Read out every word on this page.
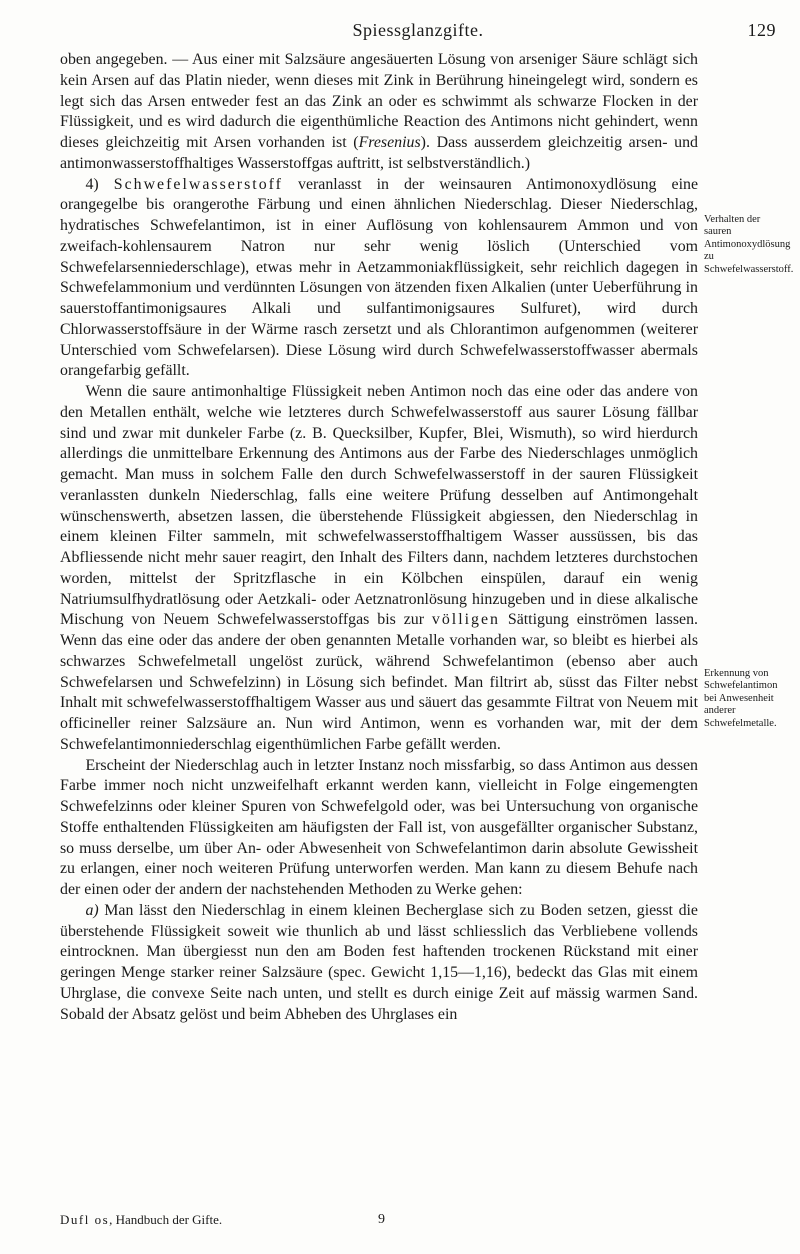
Spiessglanzgifte.	129

oben angegeben. — Aus einer mit Salzsäure angesäuerten Lösung von arseniger Säure schlägt sich kein Arsen auf das Platin nieder, wenn dieses mit Zink in Berührung hineingelegt wird, sondern es legt sich das Arsen entweder fest an das Zink an oder es schwimmt als schwarze Flocken in der Flüssigkeit, und es wird dadurch die eigenthümliche Reaction des Antimons nicht gehindert, wenn dieses gleichzeitig mit Arsen vorhanden ist (Fresenius). Dass ausserdem gleichzeitig arsen- und antimonwasserstoffhaltiges Wasserstoffgas auftritt, ist selbstverständlich.)

4) Schwefelwasserstoff veranlasst in der weinsauren Antimonoxydlösung eine orangegelbe bis orangerothe Färbung und einen ähnlichen Niederschlag. Dieser Niederschlag, hydratisches Schwefelantimon, ist in einer Auflösung von kohlensaurem Ammon und von zweifach-kohlensaurem Natron nur sehr wenig löslich (Unterschied vom Schwefelarsenniederschlage), etwas mehr in Aetzammoniakflüssigkeit, sehr reichlich dagegen in Schwefelammonium und verdünnten Lösungen von ätzenden fixen Alkalien (unter Ueberführung in sauerstoffantimonigsaures Alkali und sulfantimonigsaures Sulfuret), wird durch Chlorwasserstoffsäure in der Wärme rasch zersetzt und als Chlorantimon aufgenommen (weiterer Unterschied vom Schwefelarsen). Diese Lösung wird durch Schwefelwasserstoffwasser abermals orangefarbig gefällt.

Wenn die saure antimonhaltige Flüssigkeit neben Antimon noch das eine oder das andere von den Metallen enthält, welche wie letzteres durch Schwefelwasserstoff aus saurer Lösung fällbar sind und zwar mit dunkeler Farbe (z. B. Quecksilber, Kupfer, Blei, Wismuth), so wird hierdurch allerdings die unmittelbare Erkennung des Antimons aus der Farbe des Niederschlages unmöglich gemacht. Man muss in solchem Falle den durch Schwefelwasserstoff in der sauren Flüssigkeit veranlassten dunkeln Niederschlag, falls eine weitere Prüfung desselben auf Antimongehalt wünschenswerth, absetzen lassen, die überstehende Flüssigkeit abgiessen, den Niederschlag in einem kleinen Filter sammeln, mit schwefelwasserstoffhaltigem Wasser aussüssen, bis das Abfliessende nicht mehr sauer reagirt, den Inhalt des Filters dann, nachdem letzteres durchstochen worden, mittelst der Spritzflasche in ein Kölbchen einspülen, darauf ein wenig Natriumsulfhydratlösung oder Aetzkali- oder Aetznatronlösung hinzugeben und in diese alkalische Mischung von Neuem Schwefelwasserstoffgas bis zur völligen Sättigung einströmen lassen. Wenn das eine oder das andere der oben genannten Metalle vorhanden war, so bleibt es hierbei als schwarzes Schwefelmetall ungelöst zurück, während Schwefelantimon (ebenso aber auch Schwefelarsen und Schwefelzinn) in Lösung sich befindet. Man filtrirt ab, süsst das Filter nebst Inhalt mit schwefelwasserstoffhaltigem Wasser aus und säuert das gesammte Filtrat von Neuem mit officineller reiner Salzsäure an. Nun wird Antimon, wenn es vorhanden war, mit der dem Schwefelantimonniederschlag eigenthümlichen Farbe gefällt werden.

Erscheint der Niederschlag auch in letzter Instanz noch missfarbig, so dass Antimon aus dessen Farbe immer noch nicht unzweifelhaft erkannt werden kann, vielleicht in Folge eingemengten Schwefelzinns oder kleiner Spuren von Schwefelgold oder, was bei Untersuchung von organische Stoffe enthaltenden Flüssigkeiten am häufigsten der Fall ist, von ausgefällter organischer Substanz, so muss derselbe, um über An- oder Abwesenheit von Schwefelantimon darin absolute Gewissheit zu erlangen, einer noch weiteren Prüfung unterworfen werden. Man kann zu diesem Behufe nach der einen oder der andern der nachstehenden Methoden zu Werke gehen:

a) Man lässt den Niederschlag in einem kleinen Becherglase sich zu Boden setzen, giesst die überstehende Flüssigkeit soweit wie thunlich ab und lässt schliesslich das Verbliebene vollends eintrocknen. Man übergiesst nun den am Boden fest haftenden trockenen Rückstand mit einer geringen Menge starker reiner Salzsäure (spec. Gewicht 1,15—1,16), bedeckt das Glas mit einem Uhrglase, die convexe Seite nach unten, und stellt es durch einige Zeit auf mässig warmen Sand. Sobald der Absatz gelöst und beim Abheben des Uhrglases ein

Verhalten der sauren Antimonoxydlösung zu Schwefelwasserstoff.
Erkennung von Schwefelantimon bei Anwesenheit anderer Schwefelmetalle.
Dufl os, Handbuch der Gifte.	9
